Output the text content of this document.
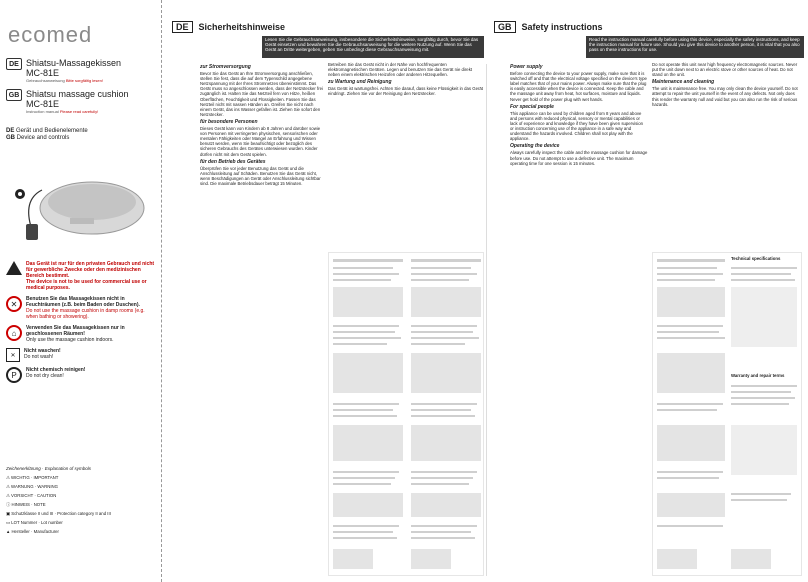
ecomed
DE Shiatsu-Massagekissen
MC-81E
Gebrauchsanweisung Bitte sorgfältig lesen!
GB Shiatsu massage cushion
MC-81E
Instruction manual Please read carefully!
DE Gerät und Bedienelemente
GB Device and controls
Das Gerät ist nur für den privaten Gebrauch und nicht für gewerbliche Zwecke oder den medizinischen Bereich bestimmt.
The device is not to be used for commercial use or medical purposes.
✕
Benutzen Sie das Massagekissen nicht in Feuchträumen (z.B. beim Baden oder Duschen).
Do not use the massage cushion in damp rooms (e.g. when bathing or showering).
⌂
Verwenden Sie das Massagekissen nur in geschlossenen Räumen!
Only use the massage cushion indoors.
✕
Nicht waschen!
Do not wash!
P
Nicht chemisch reinigen!
Do not dry clean!
Zeichenerklärung · Explanation of symbols
⚠ WICHTIG · IMPORTANT
⚠ WARNUNG · WARNING
⚠ VORSICHT · CAUTION
ⓘ HINWEIS · NOTE
▣ Schutzklasse II und III · Protection category II and III
▭ LOT Nummer · Lot number
▲ Hersteller · Manufacturer
DE	Sicherheitshinweise
Lesen Sie die Gebrauchsanweisung, insbesondere die Sicherheitshinweise, sorgfältig durch, bevor Sie das Gerät einsetzen und bewahren Sie die Gebrauchsanweisung für die weitere Nutzung auf. Wenn Sie das Gerät an Dritte weitergeben, geben Sie unbedingt diese Gebrauchsanweisung mit.
GB	Safety instructions
Read the instruction manual carefully before using this device, especially the safety instructions, and keep the instruction manual for future use. Should you give this device to another person, it is vital that you also pass on these instructions for use.
zur Stromversorgung

Bevor Sie das Gerät an Ihre Stromversorgung anschließen, stellen Sie fest, dass die auf dem Typenschild angegebene Netzspannung mit der Ihres Stromnetzes übereinstimmt. Das Gerät muss so angeschlossen werden, dass der Netzstecker frei zugänglich ist. Halten Sie das Netzteil fern von Hitze, heißen Oberflächen, Feuchtigkeit und Flüssigkeiten. Fassen Sie das Netzteil nicht mit nassen Händen an. Greifen Sie nicht nach einem Gerät, das ins Wasser gefallen ist. Ziehen Sie sofort den Netzstecker.

für besondere Personen

Dieses Gerät kann von Kindern ab 8 Jahren und darüber sowie von Personen mit verringerten physischen, sensorischen oder mentalen Fähigkeiten oder Mangel an Erfahrung und Wissen benutzt werden, wenn Sie beaufsichtigt oder bezüglich des sicheren Gebrauchs des Gerätes unterwiesen wurden. Kinder dürfen nicht mit dem Gerät spielen.

für den Betrieb des Gerätes

Überprüfen Sie vor jeder Benutzung das Gerät und die Anschlussleitung auf Schäden. Benutzen Sie das Gerät nicht, wenn Beschädigungen an Gerät oder Anschlussleitung sichtbar sind. Die maximale Betriebsdauer beträgt 15 Minuten.

Betreiben Sie das Gerät nicht in der Nähe von hochfrequenten elektromagnetischen Geräten. Legen und benutzen Sie das Gerät nie direkt neben einem elektrischen Heizofen oder anderen Hitzequellen.

zu Wartung und Reinigung

Das Gerät ist wartungsfrei. Achten Sie darauf, dass keine Flüssigkeit in das Gerät eindringt. Ziehen Sie vor der Reinigung den Netzstecker.

Power supply

Before connecting the device to your power supply, make sure that it is switched off and that the electrical voltage specified on the device's type label matches that of your mains power. Always make sure that the plug is easily accessible when the device is connected. Keep the cable and the massage unit away from heat, hot surfaces, moisture and liquids. Never get hold of the power plug with wet hands.

For special people

This appliance can be used by children aged from 8 years and above and persons with reduced physical, sensory or mental capabilities or lack of experience and knowledge if they have been given supervision or instruction concerning use of the appliance in a safe way and understand the hazards involved. Children shall not play with the appliance.

Operating the device

Always carefully inspect the cable and the massage cushion for damage before use. Do not attempt to use a defective unit. The maximum operating time for one session is 15 minutes.

Do not operate this unit near high frequency electromagnetic sources. Never put the unit down next to an electric stove or other sources of heat. Do not stand on the unit.

Maintenance and cleaning

The unit is maintenance free. You may only clean the device yourself. Do not attempt to repair the unit yourself in the event of any defects. Not only does this render the warranty null and void but you can also run the risk of serious hazards.

Technical specifications
Warranty and repair terms
